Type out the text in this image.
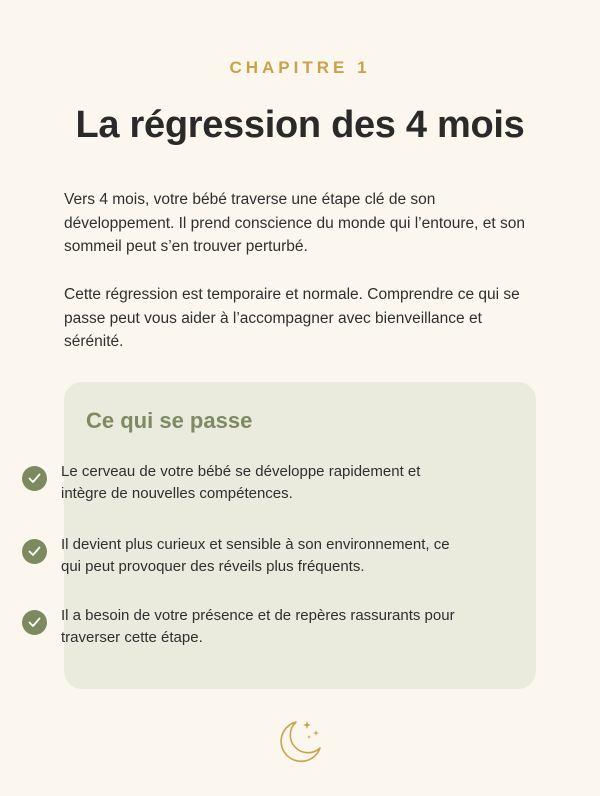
CHAPITRE 1
La régression des 4 mois

Vers 4 mois, votre bébé traverse une étape clé de son développement. Il prend conscience du monde qui l’entoure, et son sommeil peut s’en trouver perturbé.

Cette régression est temporaire et normale. Comprendre ce qui se passe peut vous aider à l’accompagner avec bienveillance et sérénité.

Ce qui se passe
Le cerveau de votre bébé se développe rapidement et intègre de nouvelles compétences.
Il devient plus curieux et sensible à son environnement, ce qui peut provoquer des réveils plus fréquents.
Il a besoin de votre présence et de repères rassurants pour traverser cette étape.
